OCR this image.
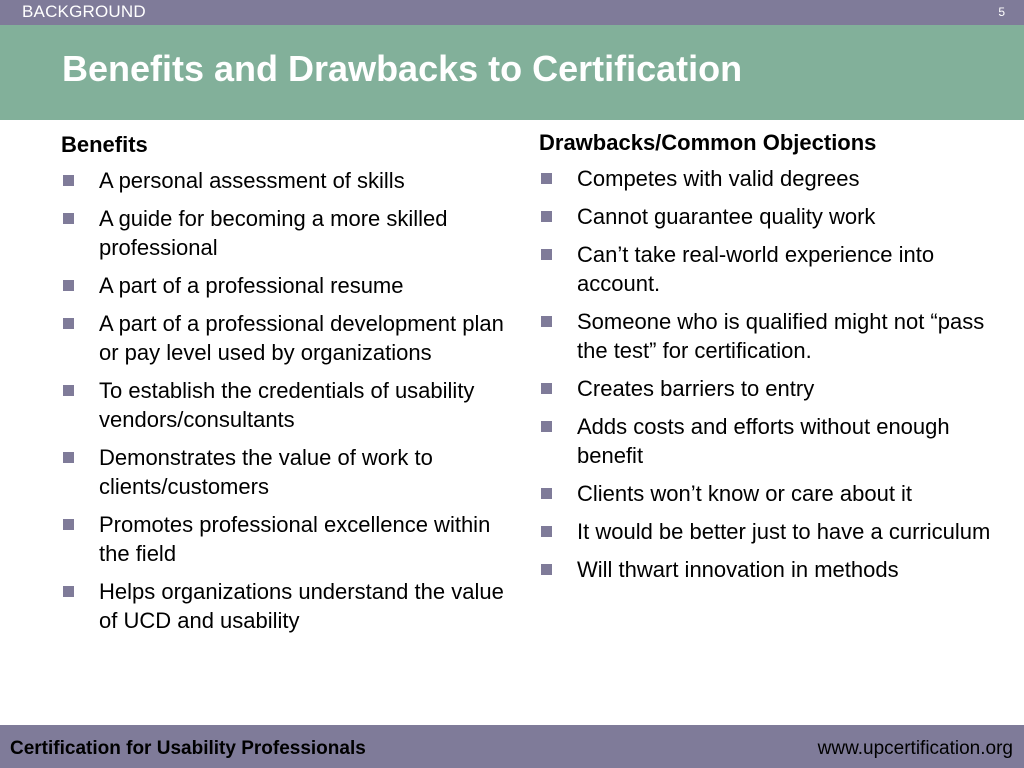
BACKGROUND	5
Benefits and Drawbacks to Certification
Benefits
A personal assessment of skills
A guide for becoming a more skilled professional
A part of a professional resume
A part of a professional development plan or pay level used by organizations
To establish the credentials of usability vendors/consultants
Demonstrates the value of work to clients/customers
Promotes professional excellence within the field
Helps organizations understand the value of UCD and usability
Drawbacks/Common Objections
Competes with valid degrees
Cannot guarantee quality work
Can’t take real-world experience into account.
Someone who is qualified might not “pass the test” for certification.
Creates barriers to entry
Adds costs and efforts without enough benefit
Clients won’t know or care about it
It would be better just to have a curriculum
Will thwart innovation in methods
Certification for Usability Professionals	www.upcertification.org
